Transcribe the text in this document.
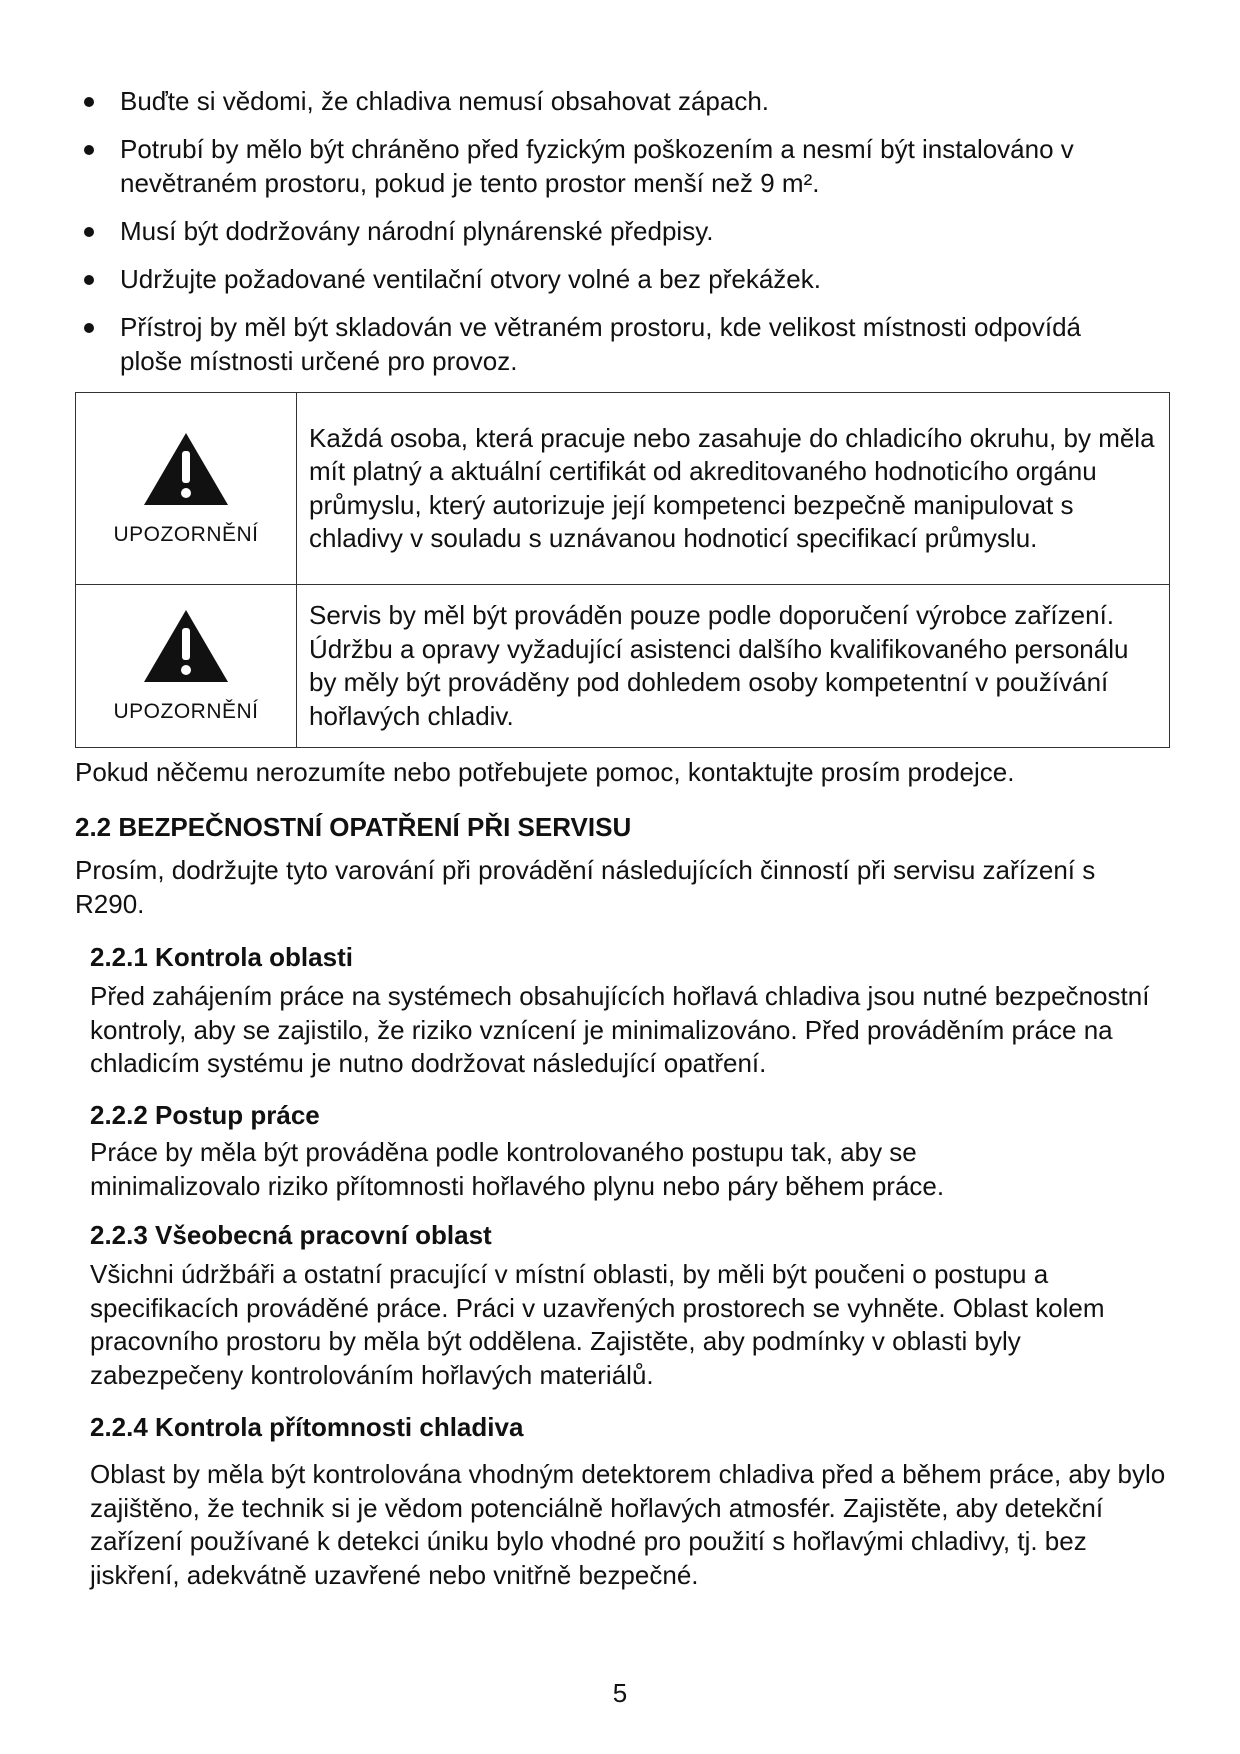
Buďte si vědomi, že chladiva nemusí obsahovat zápach.
Potrubí by mělo být chráněno před fyzickým poškozením a nesmí být instalováno v nevětraném prostoru, pokud je tento prostor menší než 9 m².
Musí být dodržovány národní plynárenské předpisy.
Udržujte požadované ventilační otvory volné a bez překážek.
Přístroj by měl být skladován ve větraném prostoru, kde velikost místnosti odpovídá ploše místnosti určené pro provoz.
UPOZORNĚNÍ	Každá osoba, která pracuje nebo zasahuje do chladicího okruhu, by měla mít platný a aktuální certifikát od akreditovaného hodnoticího orgánu průmyslu, který autorizuje její kompetenci bezpečně manipulovat s chladivy v souladu s uznávanou hodnoticí specifikací průmyslu.

UPOZORNĚNÍ	Servis by měl být prováděn pouze podle doporučení výrobce zařízení. Údržbu a opravy vyžadující asistenci dalšího kvalifikovaného personálu by měly být prováděny pod dohledem osoby kompetentní v používání hořlavých chladiv.

Pokud něčemu nerozumíte nebo potřebujete pomoc, kontaktujte prosím prodejce.

2.2 BEZPEČNOSTNÍ OPATŘENÍ PŘI SERVISU

Prosím, dodržujte tyto varování při provádění následujících činností při servisu zařízení s R290.

2.2.1 Kontrola oblasti

Před zahájením práce na systémech obsahujících hořlavá chladiva jsou nutné bezpečnostní kontroly, aby se zajistilo, že riziko vznícení je minimalizováno. Před prováděním práce na chladicím systému je nutno dodržovat následující opatření.

2.2.2 Postup práce

Práce by měla být prováděna podle kontrolovaného postupu tak, aby se minimalizovalo riziko přítomnosti hořlavého plynu nebo páry během práce.

2.2.3 Všeobecná pracovní oblast

Všichni údržbáři a ostatní pracující v místní oblasti, by měli být poučeni o postupu a specifikacích prováděné práce. Práci v uzavřených prostorech se vyhněte. Oblast kolem pracovního prostoru by měla být oddělena. Zajistěte, aby podmínky v oblasti byly zabezpečeny kontrolováním hořlavých materiálů.

2.2.4 Kontrola přítomnosti chladiva

Oblast by měla být kontrolována vhodným detektorem chladiva před a během práce, aby bylo zajištěno, že technik si je vědom potenciálně hořlavých atmosfér. Zajistěte, aby detekční zařízení používané k detekci úniku bylo vhodné pro použití s hořlavými chladivy, tj. bez jiskření, adekvátně uzavřené nebo vnitřně bezpečné.

5
